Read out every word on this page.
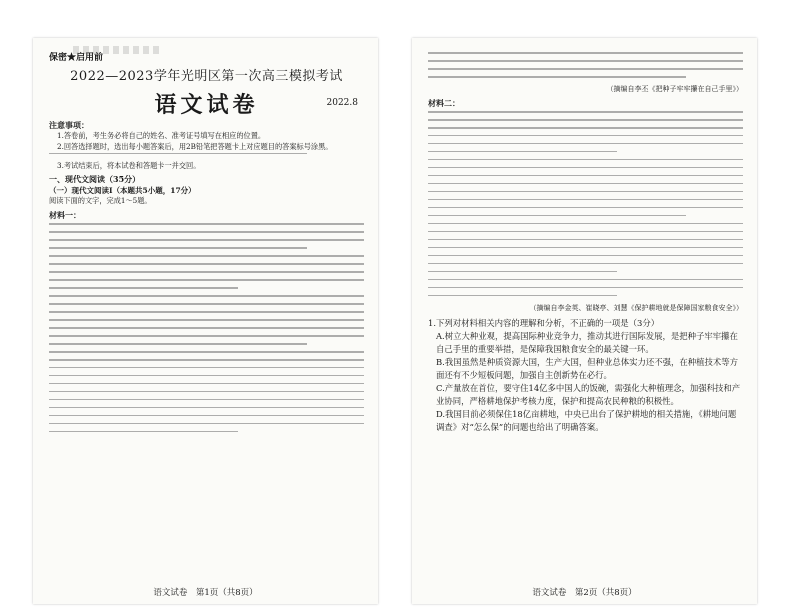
保密★启用前
2022—2023学年光明区第一次高三模拟考试
语文试卷	2022.8
注意事项：
1.答卷前，考生务必将自己的姓名、准考证号填写在相应的位置。
2.回答选择题时，选出每小题答案后，用2B铅笔把答题卡上对应题目的答案标号涂黑。
3.考试结束后，将本试卷和答题卡一并交回。
一、现代文阅读（35分）
（一）现代文阅读Ⅰ（本题共5小题，17分）
阅读下面的文字，完成1～5题。
材料一：
语文试卷　第1页（共8页）
（摘编自李丕《把种子牢牢攥在自己手里》）
材料二：
（摘编自李金英、崔晓亭、刘慧《保护耕地就是保障国家粮食安全》）
1.下列对材料相关内容的理解和分析，不正确的一项是（3分）
A.树立大种业观，提高国际种业竞争力，推动其进行国际发展，是把种子牢牢攥在自己手里的重要举措，是保障我国粮食安全的最关键一环。
B.我国虽然是种质资源大国，生产大国，但种业总体实力还不强，在种植技术等方面还有不少短板问题，加强自主创新势在必行。
C.产量放在首位，要守住14亿多中国人的饭碗，需强化大种植理念，加强科技和产业协同，严格耕地保护考核力度，保护和提高农民种粮的积极性。
D.我国目前必须保住18亿亩耕地，中央已出台了保护耕地的相关措施，《耕地问题调查》对“怎么保”的问题也给出了明确答案。
语文试卷　第2页（共8页）
